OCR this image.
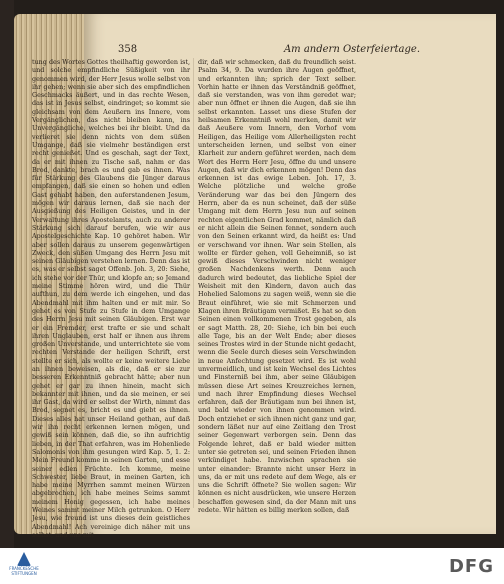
358	Am andern Osterfeiertage.

tung des Wortes Gottes theilhaftig geworden ist, und solche empfindliche Süßigkeit von ihr genommen wird, der Herr Jesus wolle selbst von ihr gehen; wenn sie aber sich des empfindlichen Geschmacks äußert, und in das rechte Wesen, das ist in Jesus selbst, eindringet; so kommt sie gleichsam von dem Aeußern ins Innere, vom Vergänglichen, das nicht bleiben kann, ins Unvergängliche, welches bei ihr bleibt. Und da verlieret sie denn nichts von dem süßen Umgange, daß sie vielmehr beständigen erst recht genießet. Und es geschah, sagt der Text, da er mit ihnen zu Tische saß, nahm er das Brod, dankte, brach es und gab es ihnen. Was für Stärkung des Glaubens die Jünger daraus empfangen, daß sie einen so hohen und edlen Gast gehabt haben, den auferstandenen Jesum, mögen wir daraus lernen, daß sie nach der Ausgießung des Heiligen Geistes, und in der Verwaltung ihres Apostelamts, auch zu anderer Stärkung sich darauf berufen, wie wir aus Apostelgeschichte Kap. 10 gehöret haben. Wir aber sollen daraus zu unserem gegenwärtigen Zweck, den süßen Umgang des Herrn Jesu mit seinen Gläubigen verstehen lernen. Denn das ist es, was er selbst saget Offenb. Joh. 3, 20: Siehe, ich stehe vor der Thür, und klopfe an; so Jemand meine Stimme hören wird, und die Thür aufthun, zu dem werde ich eingehen, und das Abendmahl mit ihm halten und er mit mir. So gehet es von Stufe zu Stufe in dem Umgange des Herrn Jesu mit seinen Gläubigen. Erst war er ein Fremder, erst trafte er sie und schalt ihren Unglauben, erst half er ihnen aus ihrem großen Unverstande, und unterrichtete sie vom rechten Verstande der heiligen Schrift, erst stellte er sich, als wollte er keine weitere Liebe an ihnen beweisen, als die, daß er sie zur besseren Erkenntniß gebracht hätte; aber nun gehet er gar zu ihnen hinein, macht sich bekannter mit ihnen, und da sie meinen, er sei ihr Gast, da wird er selbst der Wirth, nimmt das Brod, segnet es, bricht es und giebt es ihnen. Dieses alles hat unser Heiland gethan, auf daß wir ihn recht erkennen lernen mögen, und gewiß sein können, daß die, so ihn aufrichtig lieben, in der That erfahren, was im Hohenliede Salomonis von ihm gesungen wird Kap. 5, 1. 2: Mein Freund komme in seinen Garten, und esse seiner edlen Früchte. Ich komme, meine Schwester, liebe Braut, in meinen Garten, ich habe meine Myrrhen sammt meinen Würzen abgebrochen, ich habe meines Seims sammt meinem Honig gegessen, ich habe meines Weines sammt meiner Milch getrunken. O Herr Jesu, wie freund ist uns dieses dein geistliches Abendmahl! Ach vereinige dich näher mit uns selbst, und uns mit

dir, daß wir schmecken, daß du freundlich seist. Psalm 34, 9. Da wurden ihre Augen geöffnet, und erkannten ihn; sprich der Text selber. Vorhin hatte er ihnen das Verständniß geöffnet, daß sie verstanden, was von ihm geredet war; aber nun öffnet er ihnen die Augen, daß sie ihn selbst erkannten. Lasset uns diese Stufen der heilsamen Erkenntniß wohl merken, damit wir daß Aeußere vom Innern, den Vorhof vom Heiligen, das Heilige vom Allerheiligsten recht unterscheiden lernen, und selbst von einer Klarheit zur andern geführet werden, nach dem Wort des Herrn Herr Jesu, öffne du und unsere Augen, daß wir dich erkennen mögen! Denn das erkennen ist das ewige Leben. Joh. 17, 3. Welche plötzliche und welche große Veränderung war das bei den Jüngern des Herrn, aber da es nun scheinet, daß der süße Umgang mit dem Herrn Jesu nun auf seinen rechten eigentlichen Grad kommet, nämlich daß er nicht allein die Seinen fennet, sondern auch von den Seinen erkannt wird, da heißt es: Und er verschwand vor ihnen. War sein Stellen, als wollte er fürder gehen, voll Geheimniß, so ist gewiß dieses Verschwinden nicht weniger großen Nachdenkens werth. Denn auch dadurch wird bedeutet, das liebliche Spiel der Weisheit mit den Kindern, davon auch das Hohelied Salomons zu sagen weiß, wenn sie die Braut einführet, wie sie mit Schmerzen und Klagen ihren Bräutigam vermißet. Es hat so den Seinen einen vollkommenen Trost gegeben, als er sagt Matth. 28, 20: Siehe, ich bin bei euch alle Tage, bis an der Welt Ende; aber dieses seines Trostes wird in der Stunde nicht gedacht, wenn die Seele durch dieses sein Verschwinden in neue Anfechtung gesetzet wird. Es ist wohl unvermeidlich, und ist kein Wechsel des Lichtes und Finsterniß bei ihm, aber seine Gläubigen müssen diese Art seines Kreuzreiches lernen, und nach ihrer Empfindung dieses Wechsel erfahren, daß der Bräutigam nun bei ihnen ist, und bald wieder von ihnen genommen wird. Doch entziehet er sich ihnen nicht ganz und gar, sondern läßet nur auf eine Zeitlang den Trost seiner Gegenwart verborgen sein. Denn das Folgende lehret, daß er bald wieder mitten unter sie getreten sei, und seinen Frieden ihnen verkündiget habe. Inzwischen sprachen sie unter einander: Brannte nicht unser Herz in uns, da er mit uns redete auf dem Wege, als er uns die Schrift öffnete? Sie wollen sagen: Wir können es nicht ausdrücken, wie unsere Herzen beschaffen gewesen sind, da der Mann mit uns redete. Wir hätten es billig merken sollen, daß

FRANCKESCHE STIFTUNGEN	DFG
